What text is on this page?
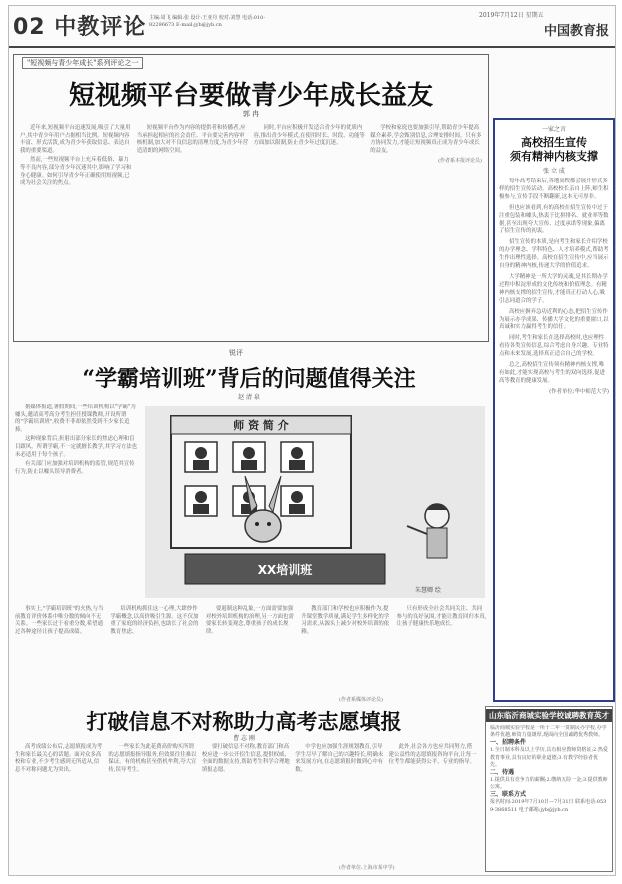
02 中教评论 主编:周飞 编辑:张 设计:王亚丹 校对:刘慧 电话:010-82296673 E-mail:jyb@jyb.cn
2019年7月12日 星期五
中国教育报
"短视频与青少年成长"系列评论之一
短视频平台要做青少年成长益友
郭 冉
近年来,短视频平台迅速发展,吸引了大量用户,其中青少年用户占据相当比例。短视频内容丰富、形式活泼,成为青少年获取信息、表达自我的重要渠道。
然而,一些短视频平台上充斥着低俗、暴力等不良内容,部分青少年沉迷其中,影响了学习和身心健康。如何引导青少年正确使用短视频,已成为社会关注的焦点。
短视频平台作为内容的提供者和传播者,应当承担起相应的社会责任。平台要完善内容审核机制,加大对不良信息的清理力度,为青少年营造清朗的网络空间。
同时,平台应积极开发适合青少年的优质内容,推出青少年模式,在使用时长、时段、功能等方面加以限制,防止青少年过度沉迷。
学校和家庭也要加强引导,帮助青少年提高媒介素养,学会甄别信息,合理安排时间。只有多方协同发力,才能让短视频真正成为青少年成长的益友。
(作者系本报评论员)
一家之言
高校招生宣传
须有精神内核支撑
张 立 成
每年高考结束后,各地高校都会展开形式多样的招生宣传活动。高校校长亲自上阵,师生积极参与,宣传手段不断翻新,这本无可厚非。
但也应该看到,有的高校在招生宣传中过于注重包装和噱头,热衷于比拼排名、就业率等数据,甚至出现夸大宣传、过度承诺等现象,偏离了招生宣传的初衷。
招生宣传的本质,是向考生和家长介绍学校的办学理念、学科特色、人才培养模式,帮助考生作出理性选择。高校在招生宣传中,应当展示自身的精神内核,传递大学的价值追求。
大学精神是一所大学的灵魂,是其长期办学过程中积淀形成的文化传统和价值理念。有精神内核支撑的招生宣传,才能真正打动人心,吸引志同道合的学子。
高校应摒弃急功近利的心态,把招生宣传作为展示办学成果、传播大学文化的重要窗口,以真诚和实力赢得考生的信任。
同时,考生和家长在选择高校时,也应理性看待各类宣传信息,综合考虑自身兴趣、专业特点和未来发展,选择真正适合自己的学校。
总之,高校招生宣传须有精神内核支撑,唯有如此,才能实现高校与考生的双向选择,促进高等教育的健康发展。
(作者单位:华中师范大学)
锐评
“学霸培训班”背后的问题值得关注
赵 清 泉
据媒体报道,暑假期间,一些培训机构以"学霸"为噱头,邀请高考高分考生担任授课教师,开设所谓的"学霸培训班",收费不菲却依然受到不少家长追捧。
这种现象背后,折射出部分家长的焦虑心理和盲目跟风。所谓学霸,不一定就擅长教学,其学习方法也未必适用于每个孩子。
有关部门应加强对培训机构的监管,规范其宣传行为,防止以噱头误导消费者。
师 资 简 介
XX培训班
朱慧卿 绘
事实上,"学霸培训班"的火热,与当前教育评价体系中唯分数的倾向不无关系。一些家长过于看重分数,希望通过各种途径让孩子提高成绩。
培训机构抓住这一心理,大肆炒作学霸概念,以高价吸引生源。这不仅加重了家庭的经济负担,也助长了社会的教育焦虑。
要遏制这种乱象,一方面需要加强对校外培训机构的治理,另一方面也需要家长转变观念,尊重孩子的成长规律。
教育部门和学校也应积极作为,提升课堂教学质量,满足学生多样化的学习需求,从源头上减少对校外培训的依赖。
只有形成全社会共同关注、共同参与的良好氛围,才能让教育回归本真,让孩子健康快乐地成长。
(作者系媒体评论员)
打破信息不对称助力高考志愿填报
曹 志 刚
高考成绩公布后,志愿填报成为考生和家长最关心的话题。面对众多高校和专业,不少考生感到无所适从,信息不对称问题尤为突出。
一些家长为此花费高价购买所谓的志愿填报指导服务,但效果往往难以保证。有的机构甚至借机牟利,夸大宣传,误导考生。
要打破信息不对称,教育部门和高校应进一步公开招生信息,提供权威、全面的数据支持,帮助考生科学合理地填报志愿。
中学也应加强生涯规划教育,引导学生尽早了解自己的兴趣特长,明确未来发展方向,在志愿填报时做到心中有数。
此外,社会各方也应共同努力,搭建公益性的志愿填报咨询平台,让每一位考生都能获得公平、专业的指导。
(作者单位:上海市某中学)
山东临沂商城实验学校诚聘教育英才
临沂商城实验学校是一所十二年一贯制民办学校,办学条件优越,师资力量雄厚,现面向全国诚聘优秀教师。
一、招聘条件
1.全日制本科及以上学历,具有相应教师资格证;2.热爱教育事业,具有良好的职业道德;3.有教学经验者优先。
二、待遇
1.提供具有竞争力的薪酬;2.缴纳五险一金;3.提供教师公寓。
三、联系方式
报名时间:2019年7月10日—7月31日 联系电话:0539-3868511 电子邮箱:jyb@jyb.cn
